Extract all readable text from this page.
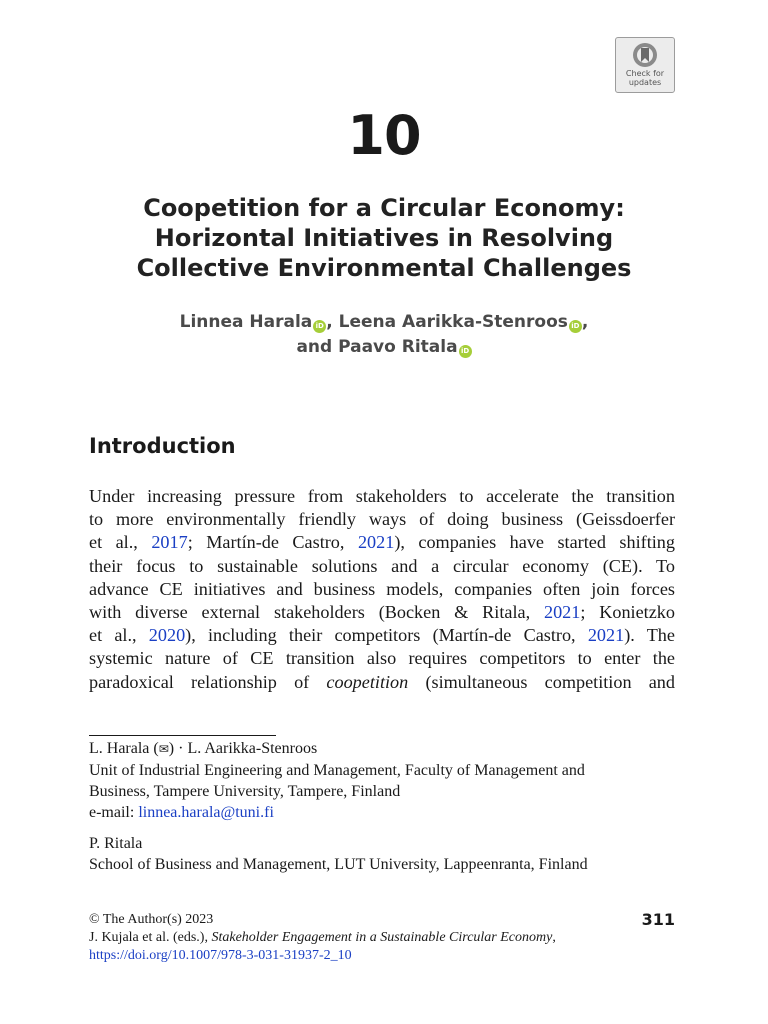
Check for
updates
10
Coopetition for a Circular Economy:
Horizontal Initiatives in Resolving
Collective Environmental Challenges
Linnea Harala iD , Leena Aarikka-Stenroos iD ,
and Paavo Ritala iD
Introduction
Under increasing pressure from stakeholders to accelerate the transition
to more environmentally friendly ways of doing business (Geissdoerfer
et al., 2017; Martín-de Castro, 2021), companies have started shifting
their focus to sustainable solutions and a circular economy (CE). To
advance CE initiatives and business models, companies often join forces
with diverse external stakeholders (Bocken & Ritala, 2021; Konietzko
et al., 2020), including their competitors (Martín-de Castro, 2021). The
systemic nature of CE transition also requires competitors to enter the
paradoxical relationship of coopetition (simultaneous competition and

L. Harala (✉) · L. Aarikka-Stenroos

Unit of Industrial Engineering and Management, Faculty of Management and

Business, Tampere University, Tampere, Finland

e-mail: linnea.harala@tuni.fi

P. Ritala

School of Business and Management, LUT University, Lappeenranta, Finland

© The Author(s) 2023

J. Kujala et al. (eds.), Stakeholder Engagement in a Sustainable Circular Economy,

https://doi.org/10.1007/978-3-031-31937-2_10

311
